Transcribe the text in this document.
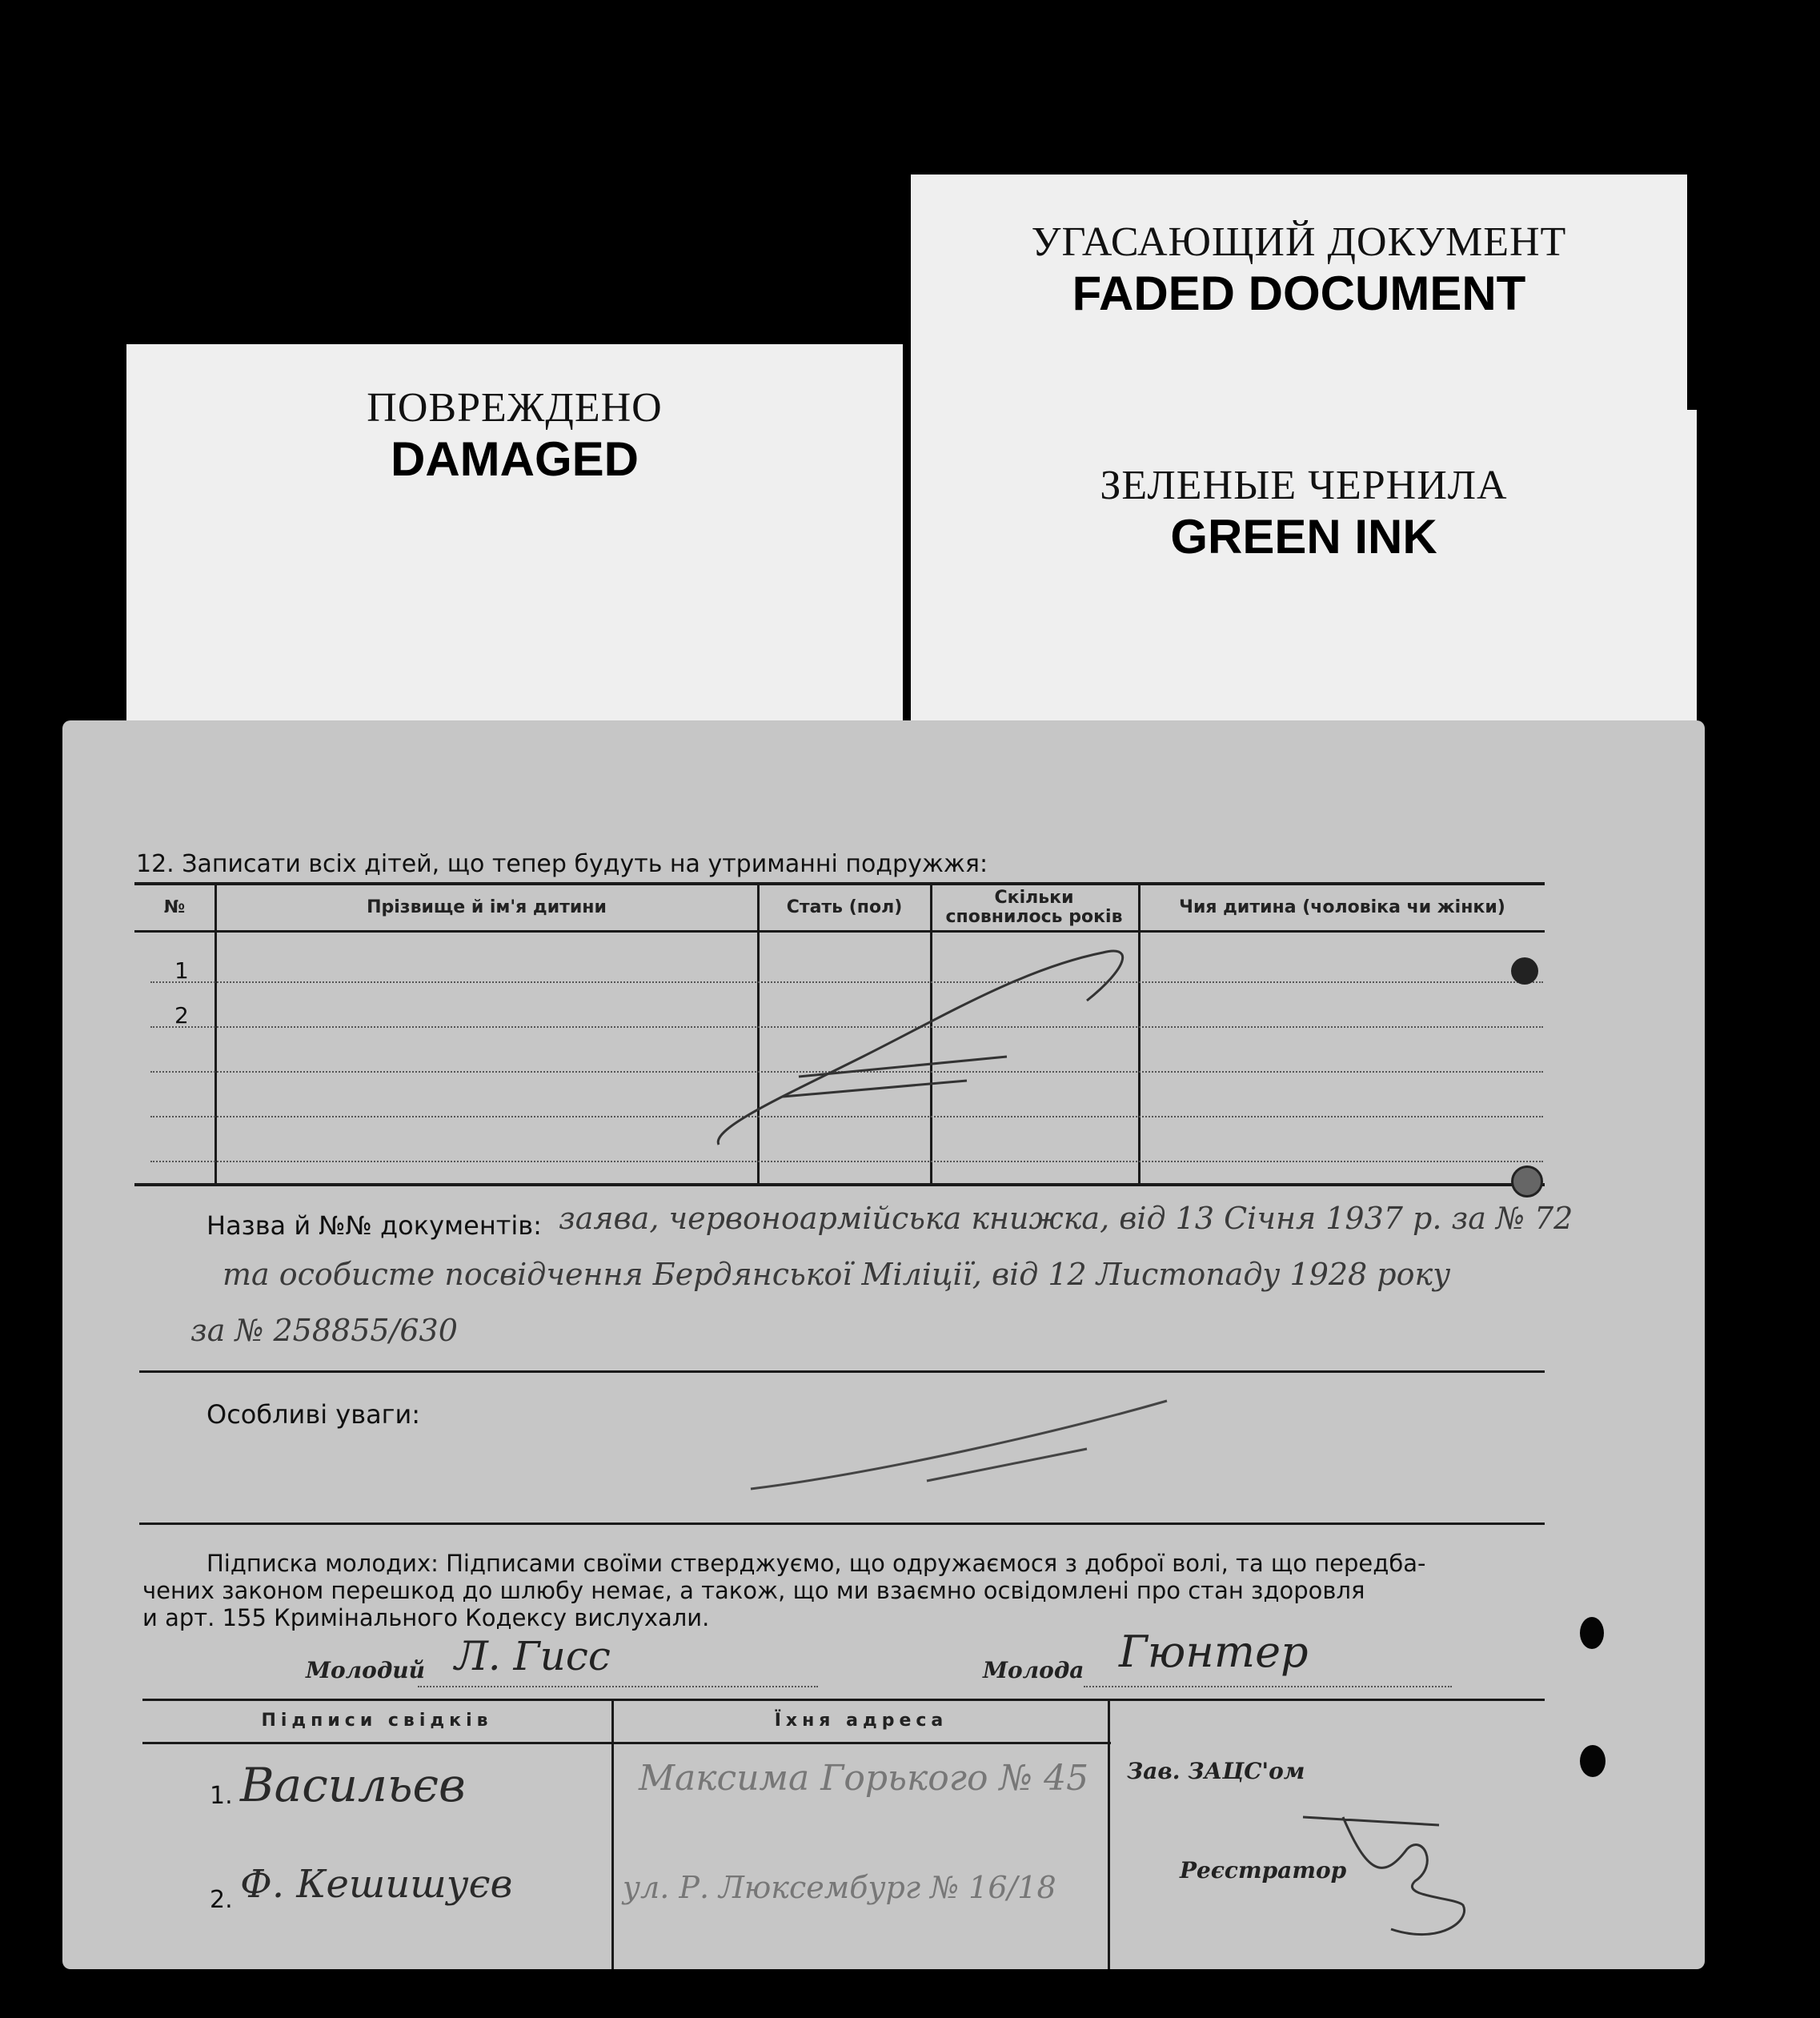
ПОВРЕЖДЕНО
DAMAGED
УГАСАЮЩИЙ ДОКУМЕНТ
FADED DOCUMENT
ЗЕЛЕНЫЕ ЧЕРНИЛА
GREEN INK
12. Записати всіх дітей, що тепер будуть на утриманні подружжя:
№	Прізвище й ім'я дитини	Стать (пол)	Скільки сповнилось років	Чия дитина (чоловіка чи жінки)
1
2
Назва й №№ документів: заява, червоноармійська книжка, від 13 Січня 1937 р. за № 72
та особисте посвідчення Бердянської Міліції, від 12 Листопаду 1928 року
за № 258855/630
Особливі уваги:
Підписка молодих: Підписами своїми стверджуємо, що одружаємося з доброї волі, та що передба-
чених законом перешкод до шлюбу немає, а також, що ми взаємно освідомлені про стан здоровля
и арт. 155 Кримінального Кодексу вислухали.
Молодий Л. Гисс	Молода Гюнтер
Підписи свідків	Їхня адреса
1. Васильєв	Максима Горького № 45
2. Ф. Кешишуєв	ул. Р. Люксембург № 16/18
Зав. ЗАЦС'ом
Реєстратор
